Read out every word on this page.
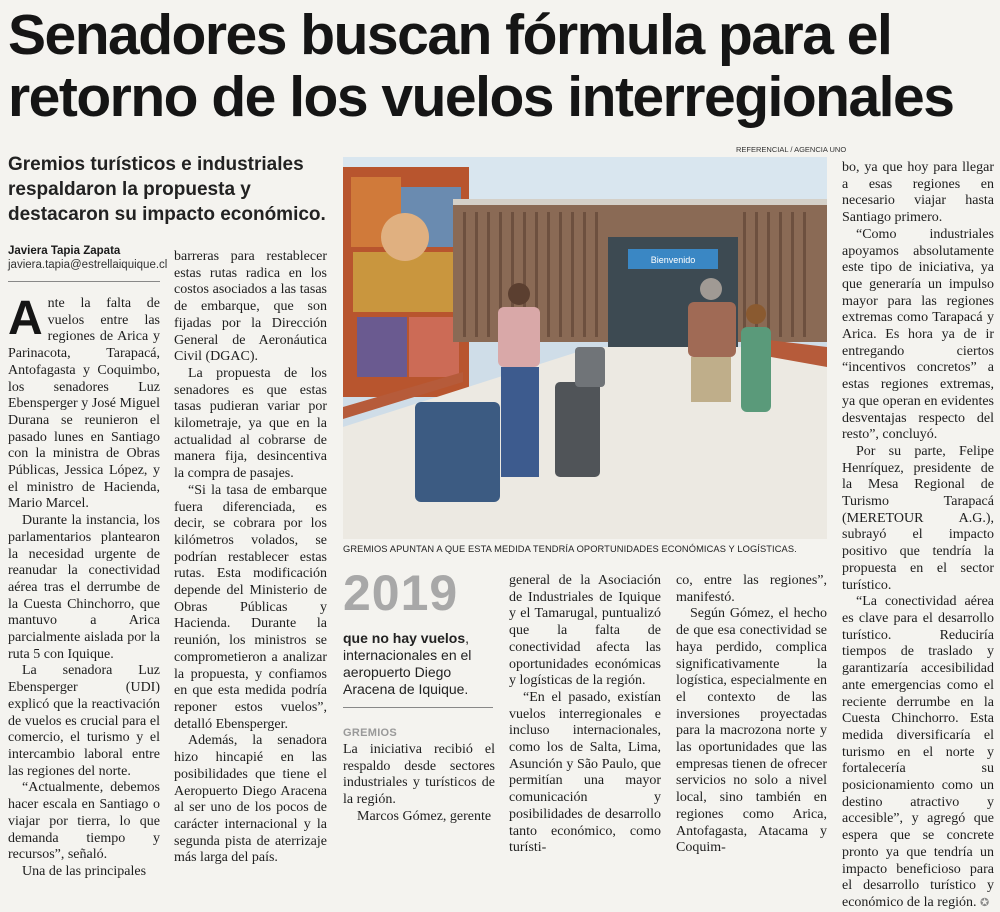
Senadores buscan fórmula para el retorno de los vuelos interregionales
Gremios turísticos e industriales respaldaron la propuesta y destacaron su impacto económico.
Javiera Tapia Zapata
javiera.tapia@estrellaiquique.cl
A nte la falta de vuelos entre las regiones de Arica y Parinacota, Tarapacá, Antofagasta y Coquimbo, los senadores Luz Ebensperger y José Miguel Durana se reunieron el pasado lunes en Santiago con la ministra de Obras Públicas, Jessica López, y el ministro de Hacienda, Mario Marcel.

Durante la instancia, los parlamentarios plantearon la necesidad urgente de reanudar la conectividad aérea tras el derrumbe de la Cuesta Chinchorro, que mantuvo a Arica parcialmente aislada por la ruta 5 con Iquique.

La senadora Luz Ebensperger (UDI) explicó que la reactivación de vuelos es crucial para el comercio, el turismo y el intercambio laboral entre las regiones del norte.

“Actualmente, debemos hacer escala en Santiago o viajar por tierra, lo que demanda tiempo y recursos”, señaló.

Una de las principales

barreras para restablecer estas rutas radica en los costos asociados a las tasas de embarque, que son fijadas por la Dirección General de Aeronáutica Civil (DGAC).

La propuesta de los senadores es que estas tasas pudieran variar por kilometraje, ya que en la actualidad al cobrarse de manera fija, desincentiva la compra de pasajes.

“Si la tasa de embarque fuera diferenciada, es decir, se cobrara por los kilómetros volados, se podrían restablecer estas rutas. Esta modificación depende del Ministerio de Obras Públicas y Hacienda. Durante la reunión, los ministros se comprometieron a analizar la propuesta, y confiamos en que esta medida podría reponer estos vuelos”, detalló Ebensperger.

Además, la senadora hizo hincapié en las posibilidades que tiene el Aeropuerto Diego Aracena al ser uno de los pocos de carácter internacional y la segunda pista de aterrizaje más larga del país.

REFERENCIAL / AGENCIA UNO
Bienvenido
GREMIOS APUNTAN A QUE ESTA MEDIDA TENDRÍA OPORTUNIDADES ECONÓMICAS Y LOGÍSTICAS.
2019
que no hay vuelos, internacionales en el aeropuerto Diego Aracena de Iquique.
GREMIOS

La iniciativa recibió el respaldo desde sectores industriales y turísticos de la región.

Marcos Gómez, gerente

general de la Asociación de Industriales de Iquique y el Tamarugal, puntualizó que la falta de conectividad afecta las oportunidades económicas y logísticas de la región.

“En el pasado, existían vuelos interregionales e incluso internacionales, como los de Salta, Lima, Asunción y São Paulo, que permitían una mayor comunicación y posibilidades de desarrollo tanto económico, como turísti-

co, entre las regiones”, manifestó.

Según Gómez, el hecho de que esa conectividad se haya perdido, complica significativamente la logística, especialmente en el contexto de las inversiones proyectadas para la macrozona norte y las oportunidades que las empresas tienen de ofrecer servicios no solo a nivel local, sino también en regiones como Arica, Antofagasta, Atacama y Coquim-

bo, ya que hoy para llegar a esas regiones en necesario viajar hasta Santiago primero.

“Como industriales apoyamos absolutamente este tipo de iniciativa, ya que generaría un impulso mayor para las regiones extremas como Tarapacá y Arica. Es hora ya de ir entregando ciertos “incentivos concretos” a estas regiones extremas, ya que operan en evidentes desventajas respecto del resto”, concluyó.

Por su parte, Felipe Henríquez, presidente de la Mesa Regional de Turismo Tarapacá (MERETOUR A.G.), subrayó el impacto positivo que tendría la propuesta en el sector turístico.

“La conectividad aérea es clave para el desarrollo turístico. Reduciría tiempos de traslado y garantizaría accesibilidad ante emergencias como el reciente derrumbe en la Cuesta Chinchorro. Esta medida diversificaría el turismo en el norte y fortalecería su posicionamiento como un destino atractivo y accesible”, y agregó que espera que se concrete pronto ya que tendría un impacto beneficioso para el desarrollo turístico y económico de la región. ✪
